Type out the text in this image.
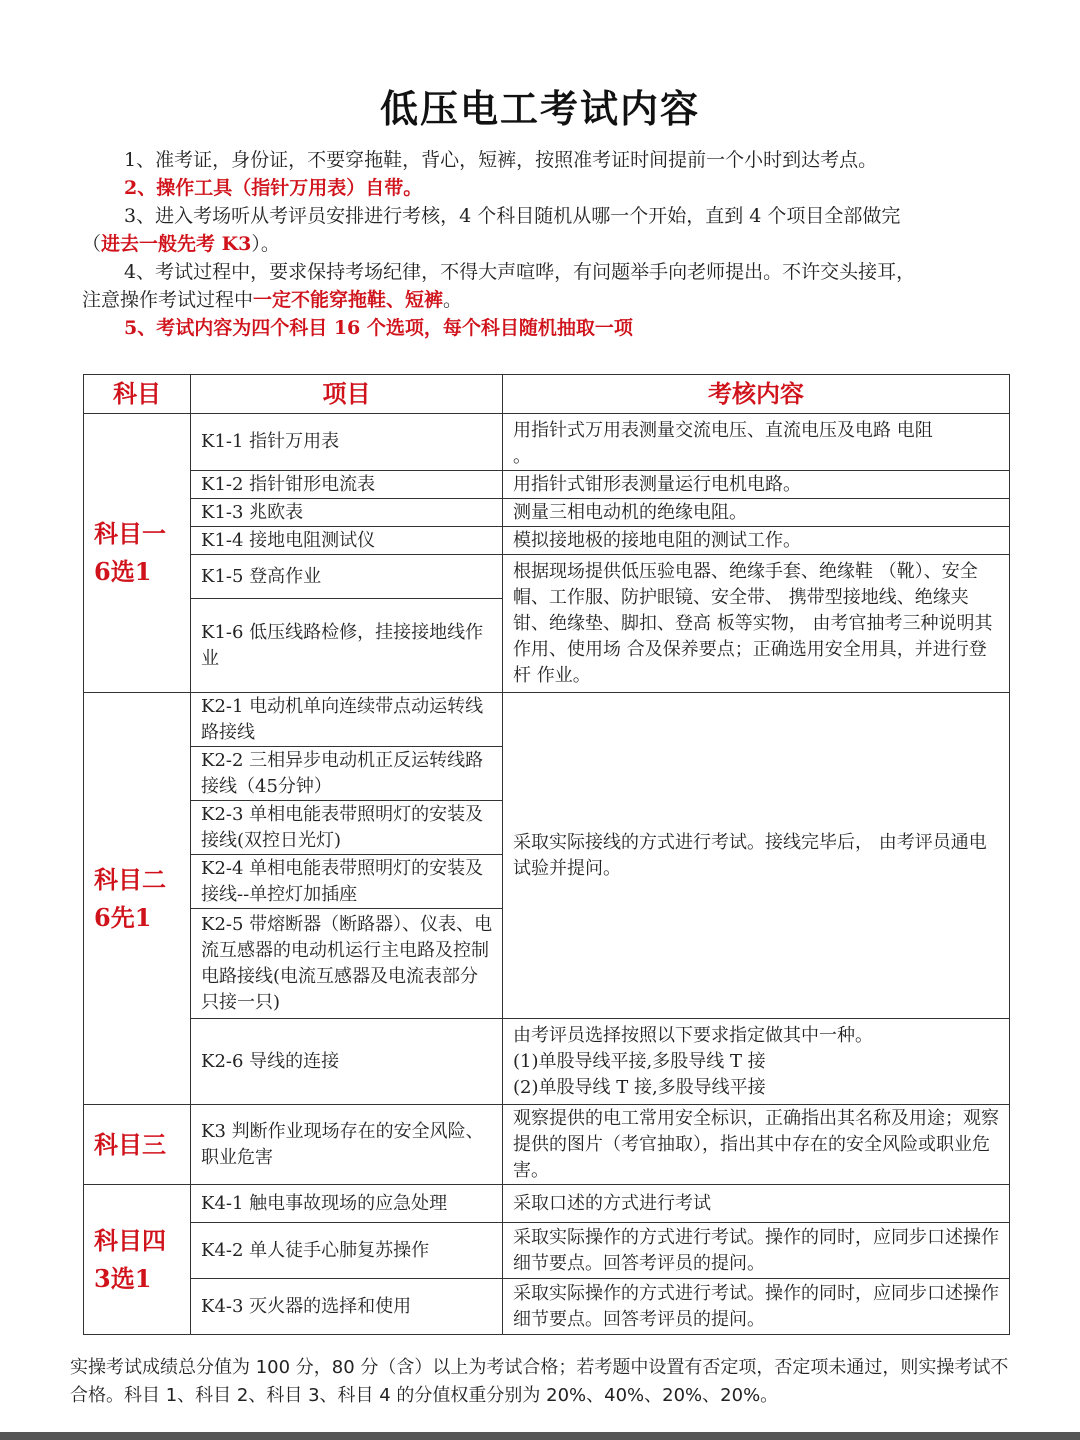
低压电工考试内容

1、准考证，身份证，不要穿拖鞋，背心，短裤，按照准考证时间提前一个小时到达考点。

2、操作工具（指针万用表）自带。

3、进入考场听从考评员安排进行考核，4 个科目随机从哪一个开始，直到 4 个项目全部做完

（进去一般先考 K3）。

4、考试过程中，要求保持考场纪律，不得大声喧哗，有问题举手向老师提出。不许交头接耳，

注意操作考试过程中一定不能穿拖鞋、短裤。

5、考试内容为四个科目 16 个选项，每个科目随机抽取一项

科目	项目	考核内容

科目一
6选1	K1-1 指针万用表	用指针式万用表测量交流电压、直流电压及电路 电阻
。
	K1-2 指针钳形电流表	用指针式钳形表测量运行电机电路。
	K1-3 兆欧表	测量三相电动机的绝缘电阻。
	K1-4 接地电阻测试仪	模拟接地极的接地电阻的测试工作。
	K1-5 登高作业	根据现场提供低压验电器、绝缘手套、绝缘鞋 （靴）、安全帽、工作服、防护眼镜、安全带、 携带型接地线、绝缘夹钳、绝缘垫、脚扣、登高 板等实物， 由考官抽考三种说明其作用、使用场 合及保养要点；正确选用安全用具，并进行登杆 作业。
	K1-6 低压线路检修，挂接接地线作业	

科目二
6先1	K2-1 电动机单向连续带点动运转线路接线	采取实际接线的方式进行考试。接线完毕后， 由考评员通电试验并提问。
	K2-2 三相异步电动机正反运转线路接线（45分钟）	
	K2-3 单相电能表带照明灯的安装及接线(双控日光灯)	
	K2-4 单相电能表带照明灯的安装及接线--单控灯加插座	
	K2-5 带熔断器（断路器）、仪表、电流互感器的电动机运行主电路及控制电路接线(电流互感器及电流表部分只接一只)	
	K2-6 导线的连接	由考评员选择按照以下要求指定做其中一种。
(1)单股导线平接,多股导线 T 接
(2)单股导线 T 接,多股导线平接

科目三	K3 判断作业现场存在的安全风险、职业危害	观察提供的电工常用安全标识，正确指出其名称及用途；观察提供的图片（考官抽取），指出其中存在的安全风险或职业危害。

科目四
3选1	K4-1 触电事故现场的应急处理	采取口述的方式进行考试
	K4-2 单人徒手心肺复苏操作	采取实际操作的方式进行考试。操作的同时，应同步口述操作细节要点。回答考评员的提问。
	K4-3 灭火器的选择和使用	采取实际操作的方式进行考试。操作的同时，应同步口述操作细节要点。回答考评员的提问。
实操考试成绩总分值为 100 分，80 分（含）以上为考试合格；若考题中设置有否定项，否定项未通过，则实操考试不合格。科目 1、科目 2、科目 3、科目 4 的分值权重分别为 20%、40%、20%、20%。
